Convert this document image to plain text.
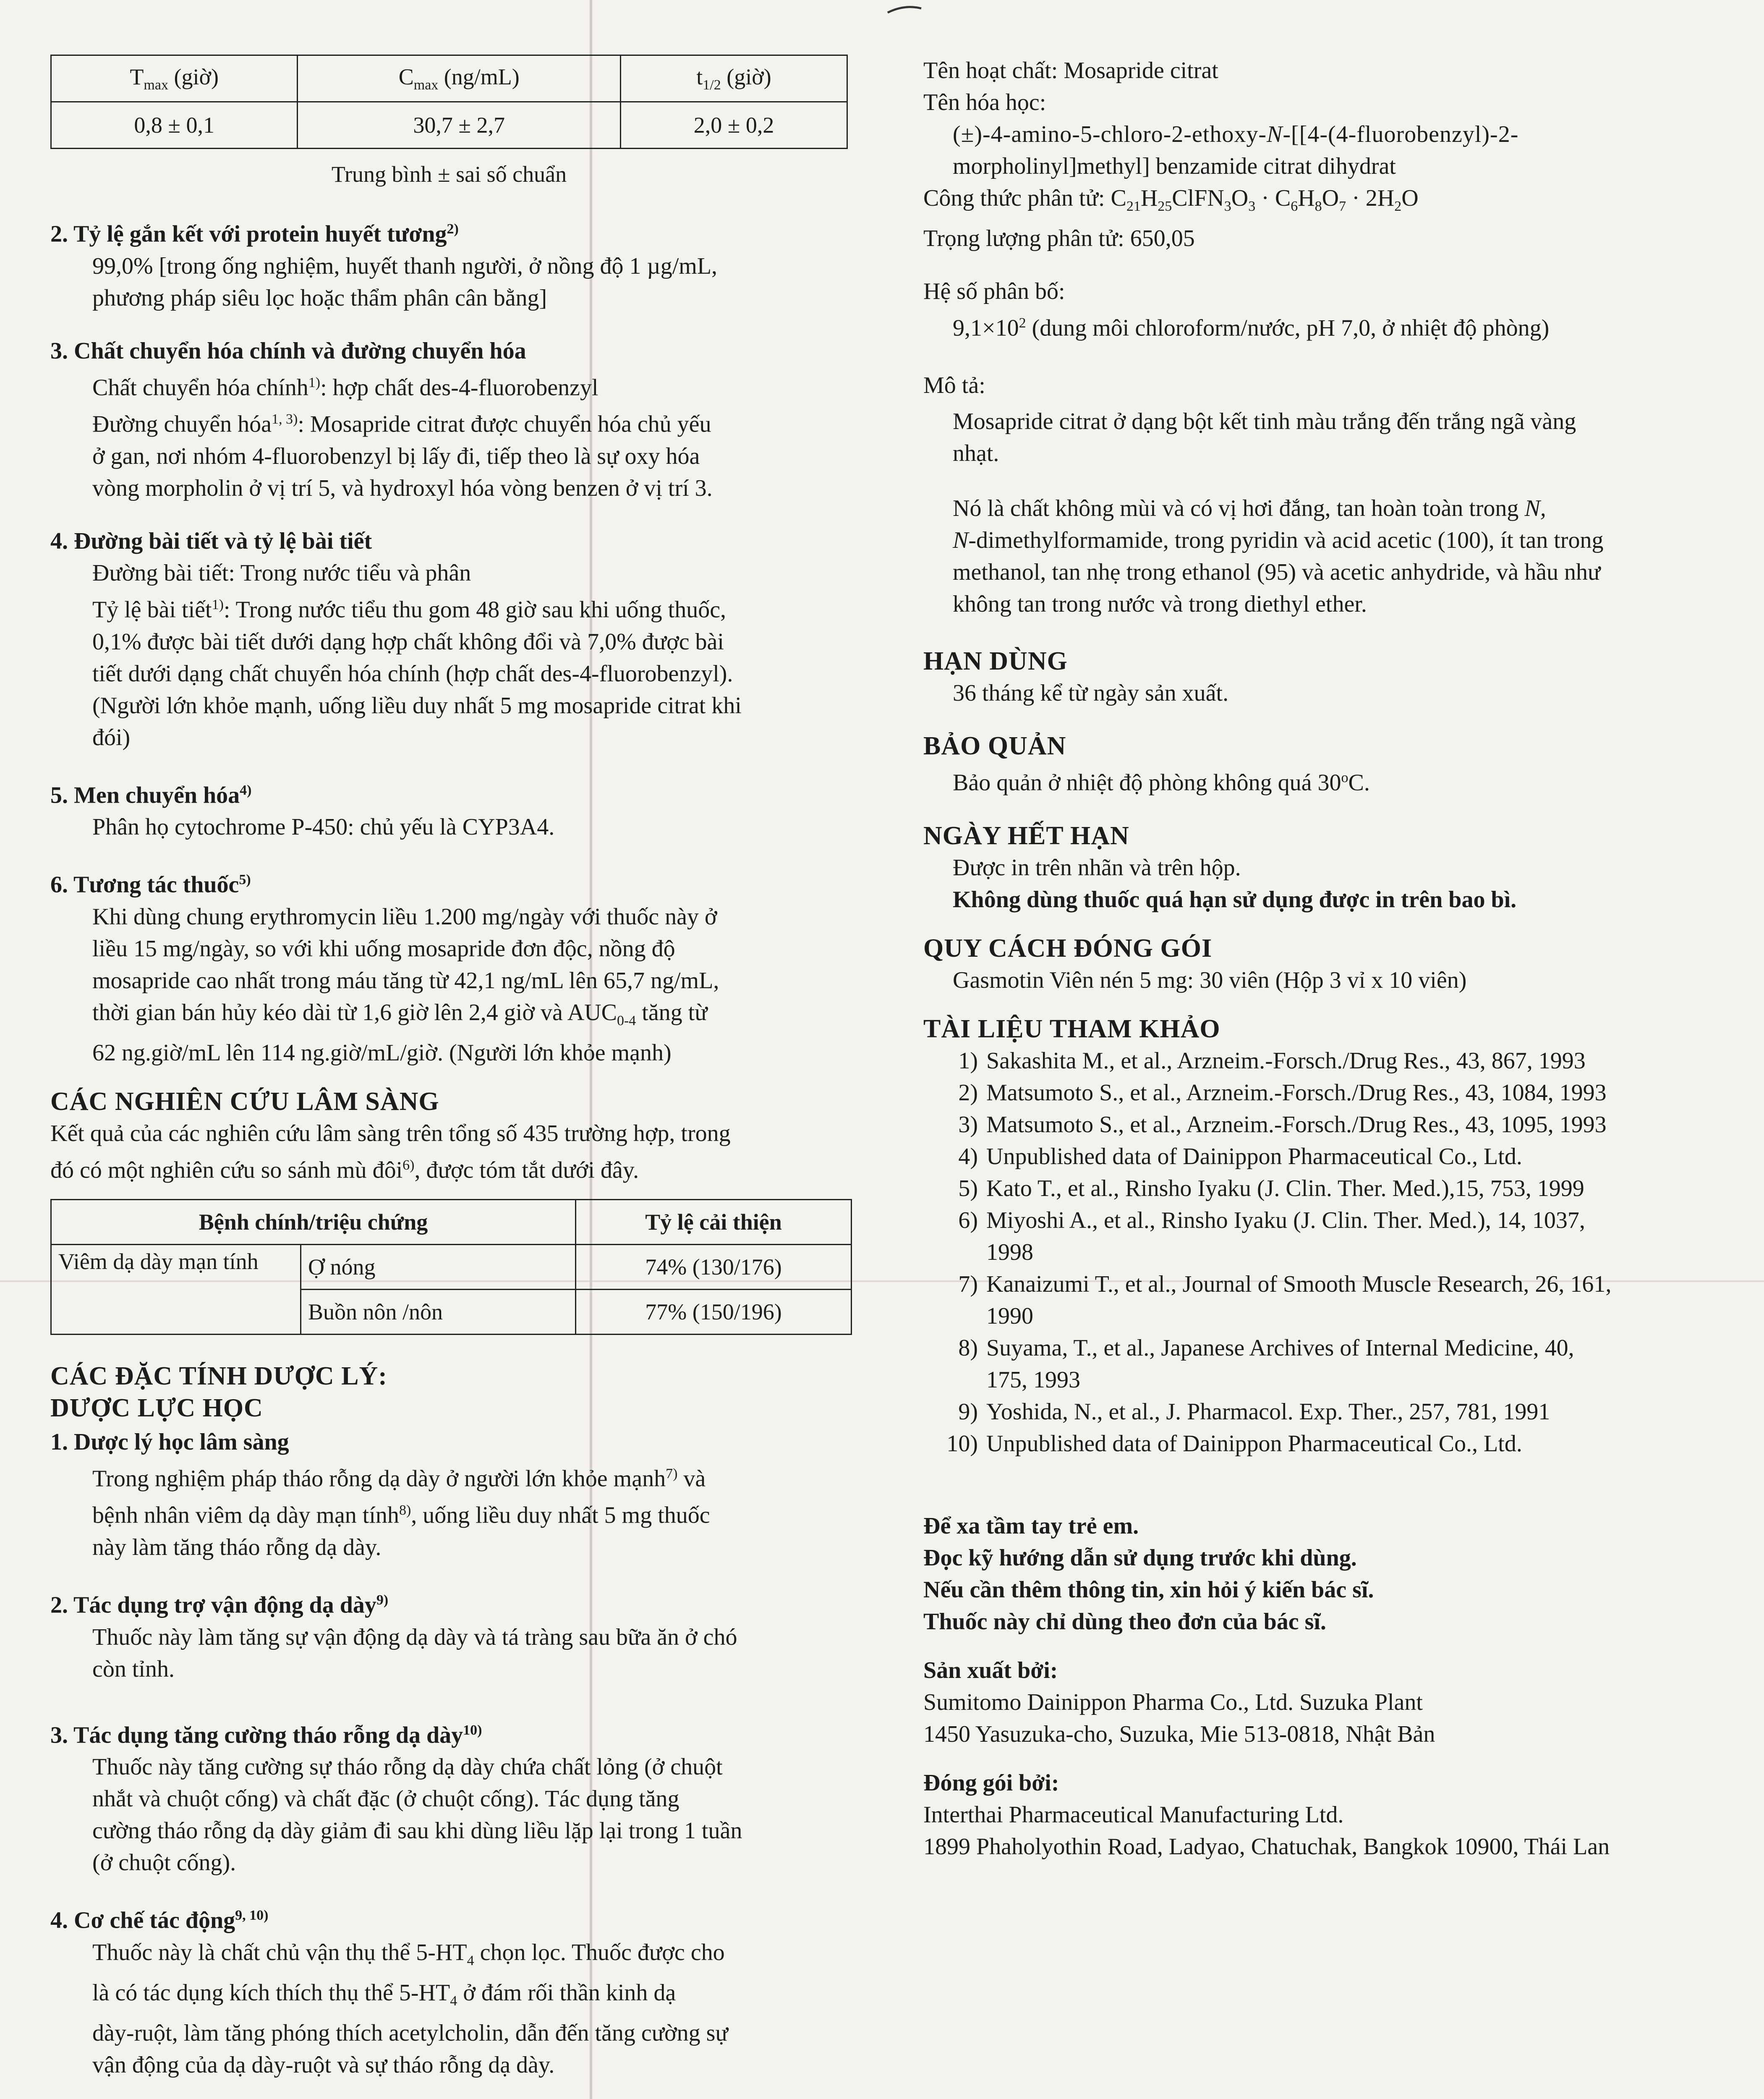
$T_{max}$ (giờ)	$C_{max}$ (ng/mL)	$t_{1/2}$ (giờ)
0,8 ± 0,1	30,7 ± 2,7	2,0 ± 0,2

Trung bình ± sai số chuẩn

2. Tỷ lệ gắn kết với protein huyết tương$^{2)}$

99,0% [trong ống nghiệm, huyết thanh người, ở nồng độ 1 µg/mL,

phương pháp siêu lọc hoặc thẩm phân cân bằng]

3. Chất chuyển hóa chính và đường chuyển hóa

Chất chuyển hóa chính$^{1)}$: hợp chất des-4-fluorobenzyl

Đường chuyển hóa$^{1, 3)}$: Mosapride citrat được chuyển hóa chủ yếu

ở gan, nơi nhóm 4-fluorobenzyl bị lấy đi, tiếp theo là sự oxy hóa

vòng morpholin ở vị trí 5, và hydroxyl hóa vòng benzen ở vị trí 3.

4. Đường bài tiết và tỷ lệ bài tiết

Đường bài tiết: Trong nước tiểu và phân

Tỷ lệ bài tiết$^{1)}$: Trong nước tiểu thu gom 48 giờ sau khi uống thuốc,

0,1% được bài tiết dưới dạng hợp chất không đổi và 7,0% được bài

tiết dưới dạng chất chuyển hóa chính (hợp chất des-4-fluorobenzyl).

(Người lớn khỏe mạnh, uống liều duy nhất 5 mg mosapride citrat khi

đói)

5. Men chuyển hóa$^{4)}$

Phân họ cytochrome P-450: chủ yếu là CYP3A4.

6. Tương tác thuốc$^{5)}$

Khi dùng chung erythromycin liều 1.200 mg/ngày với thuốc này ở

liều 15 mg/ngày, so với khi uống mosapride đơn độc, nồng độ

mosapride cao nhất trong máu tăng từ 42,1 ng/mL lên 65,7 ng/mL,

thời gian bán hủy kéo dài từ 1,6 giờ lên 2,4 giờ và $AUC_{0-4}$ tăng từ

62 ng.giờ/mL lên 114 ng.giờ/mL/giờ. (Người lớn khỏe mạnh)

CÁC NGHIÊN CỨU LÂM SÀNG

Kết quả của các nghiên cứu lâm sàng trên tổng số 435 trường hợp, trong

đó có một nghiên cứu so sánh mù đôi$^{6)}$, được tóm tắt dưới đây.

Bệnh chính/triệu chứng		Tỷ lệ cải thiện
Viêm dạ dày mạn tính	Ợ nóng	74% (130/176)
	Buồn nôn /nôn	77% (150/196)

CÁC ĐẶC TÍNH DƯỢC LÝ:

DƯỢC LỰC HỌC

1. Dược lý học lâm sàng

Trong nghiệm pháp tháo rỗng dạ dày ở người lớn khỏe mạnh$^{7)}$ và

bệnh nhân viêm dạ dày mạn tính$^{8)}$, uống liều duy nhất 5 mg thuốc

này làm tăng tháo rỗng dạ dày.

2. Tác dụng trợ vận động dạ dày$^{9)}$

Thuốc này làm tăng sự vận động dạ dày và tá tràng sau bữa ăn ở chó

còn tỉnh.

3. Tác dụng tăng cường tháo rỗng dạ dày$^{10)}$

Thuốc này tăng cường sự tháo rỗng dạ dày chứa chất lỏng (ở chuột

nhắt và chuột cống) và chất đặc (ở chuột cống). Tác dụng tăng

cường tháo rỗng dạ dày giảm đi sau khi dùng liều lặp lại trong 1 tuần

(ở chuột cống).

4. Cơ chế tác động$^{9, 10)}$

Thuốc này là chất chủ vận thụ thể $5-HT_4$ chọn lọc. Thuốc được cho

là có tác dụng kích thích thụ thể $5-HT_4$ ở đám rối thần kinh dạ

dày-ruột, làm tăng phóng thích acetylcholin, dẫn đến tăng cường sự

vận động của dạ dày-ruột và sự tháo rỗng dạ dày.

Tên hoạt chất: Mosapride citrat

Tên hóa học:

(±)-4-amino-5-chloro-2-ethoxy-N-[[4-(4-fluorobenzyl)-2-

morpholinyl]methyl] benzamide citrat dihydrat

Công thức phân tử: $C_{21}H_{25}ClFN_3O_3 \cdot C_6H_8O_7 \cdot 2H_2O$

Trọng lượng phân tử: 650,05

Hệ số phân bố:

$9,1\times 10^2$ (dung môi chloroform/nước, pH 7,0, ở nhiệt độ phòng)

Mô tả:

Mosapride citrat ở dạng bột kết tinh màu trắng đến trắng ngã vàng

nhạt.

Nó là chất không mùi và có vị hơi đắng, tan hoàn toàn trong N,

N-dimethylformamide, trong pyridin và acid acetic (100), ít tan trong

methanol, tan nhẹ trong ethanol (95) và acetic anhydride, và hầu như

không tan trong nước và trong diethyl ether.

HẠN DÙNG

36 tháng kể từ ngày sản xuất.

BẢO QUẢN

Bảo quản ở nhiệt độ phòng không quá 30$^o$C.

NGÀY HẾT HẠN

Được in trên nhãn và trên hộp.

Không dùng thuốc quá hạn sử dụng được in trên bao bì.

QUY CÁCH ĐÓNG GÓI

Gasmotin Viên nén 5 mg: 30 viên (Hộp 3 vỉ x 10 viên)

TÀI LIỆU THAM KHẢO

1) Sakashita M., et al., Arzneim.-Forsch./Drug Res., 43, 867, 1993
2) Matsumoto S., et al., Arzneim.-Forsch./Drug Res., 43, 1084, 1993
3) Matsumoto S., et al., Arzneim.-Forsch./Drug Res., 43, 1095, 1993
4) Unpublished data of Dainippon Pharmaceutical Co., Ltd.
5) Kato T., et al., Rinsho Iyaku (J. Clin. Ther. Med.),15, 753, 1999
6) Miyoshi A., et al., Rinsho Iyaku (J. Clin. Ther. Med.), 14, 1037,
1998
7) Kanaizumi T., et al., Journal of Smooth Muscle Research, 26, 161,
1990
8) Suyama, T., et al., Japanese Archives of Internal Medicine, 40,
175, 1993
9) Yoshida, N., et al., J. Pharmacol. Exp. Ther., 257, 781, 1991
10) Unpublished data of Dainippon Pharmaceutical Co., Ltd.

Để xa tầm tay trẻ em.

Đọc kỹ hướng dẫn sử dụng trước khi dùng.

Nếu cần thêm thông tin, xin hỏi ý kiến bác sĩ.

Thuốc này chỉ dùng theo đơn của bác sĩ.

Sản xuất bởi:

Sumitomo Dainippon Pharma Co., Ltd. Suzuka Plant

1450 Yasuzuka-cho, Suzuka, Mie 513-0818, Nhật Bản

Đóng gói bởi:

Interthai Pharmaceutical Manufacturing Ltd.

1899 Phaholyothin Road, Ladyao, Chatuchak, Bangkok 10900, Thái Lan
